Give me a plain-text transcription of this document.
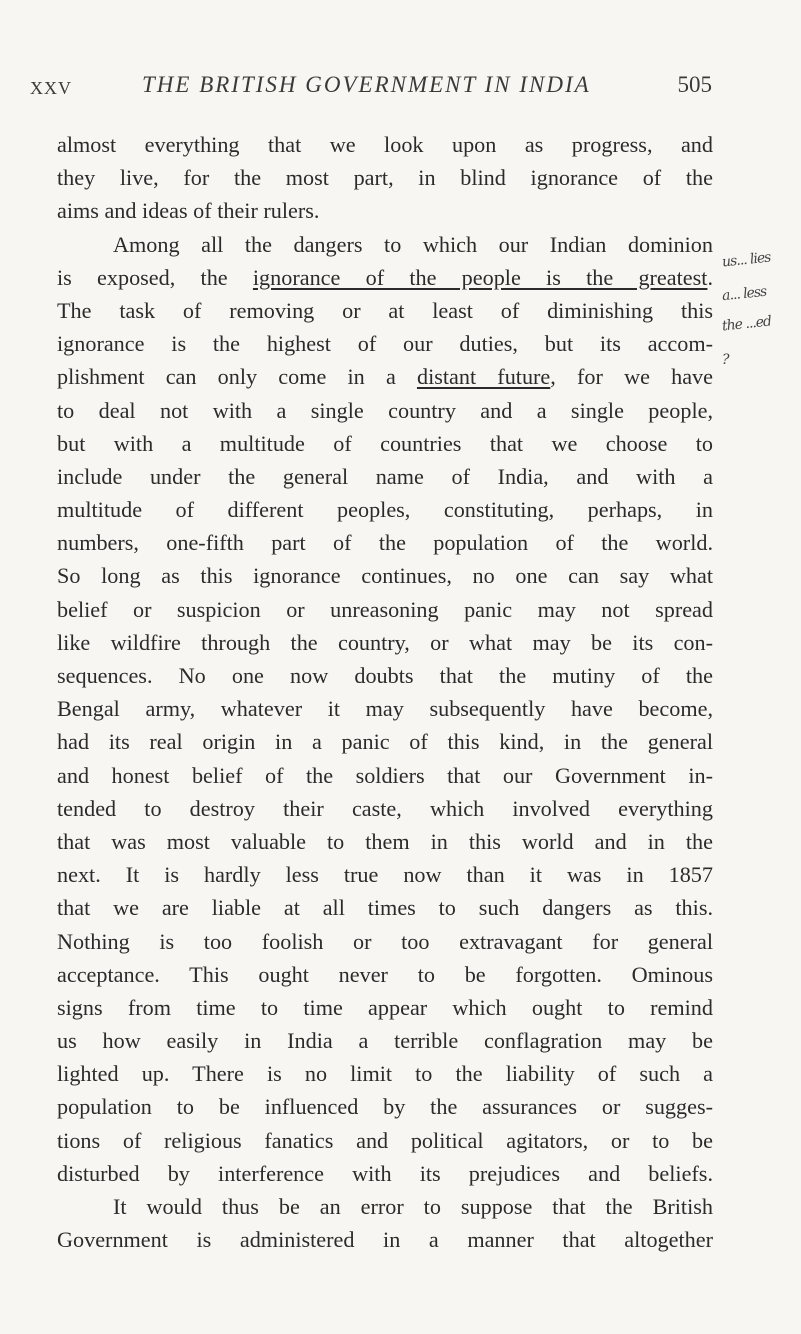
XXV	THE BRITISH GOVERNMENT IN INDIA	505
almost everything that we look upon as progress, and
they live, for the most part, in blind ignorance of the
aims and ideas of their rulers.
Among all the dangers to which our Indian dominion
is exposed, the ignorance of the people is the greatest.
The task of removing or at least of diminishing this
ignorance is the highest of our duties, but its accom-
plishment can only come in a distant future, for we have
to deal not with a single country and a single people,
but with a multitude of countries that we choose to
include under the general name of India, and with a
multitude of different peoples, constituting, perhaps, in
numbers, one-fifth part of the population of the world.
So long as this ignorance continues, no one can say what
belief or suspicion or unreasoning panic may not spread
like wildfire through the country, or what may be its con-
sequences. No one now doubts that the mutiny of the
Bengal army, whatever it may subsequently have become,
had its real origin in a panic of this kind, in the general
and honest belief of the soldiers that our Government in-
tended to destroy their caste, which involved everything
that was most valuable to them in this world and in the
next. It is hardly less true now than it was in 1857
that we are liable at all times to such dangers as this.
Nothing is too foolish or too extravagant for general
acceptance. This ought never to be forgotten. Ominous
signs from time to time appear which ought to remind
us how easily in India a terrible conflagration may be
lighted up. There is no limit to the liability of such a
population to be influenced by the assurances or sugges-
tions of religious fanatics and political agitators, or to be
disturbed by interference with its prejudices and beliefs.
It would thus be an error to suppose that the British
Government is administered in a manner that altogether
us... lies
a... less
the ...ed
?
